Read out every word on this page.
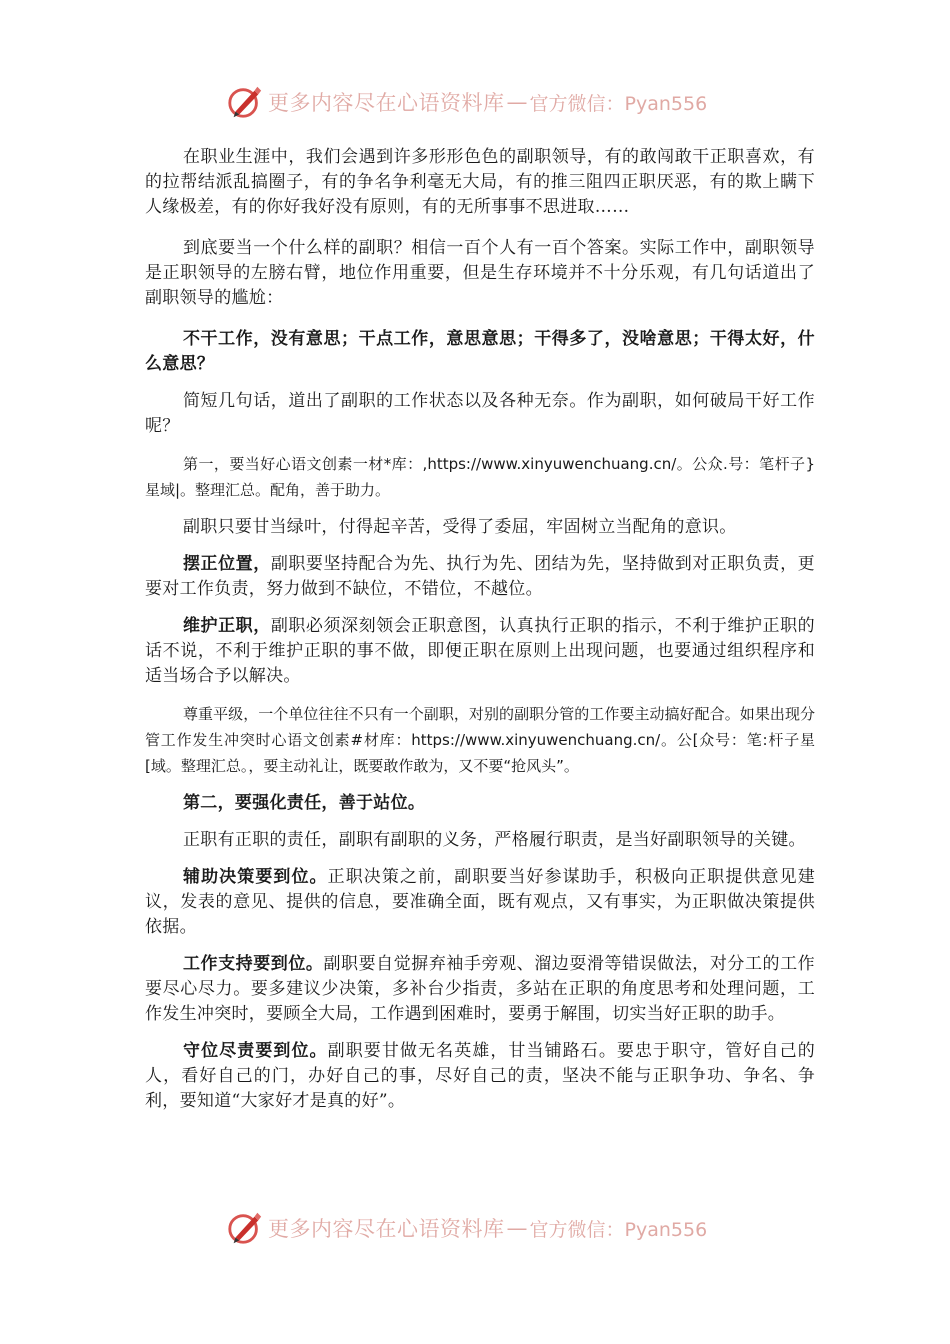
更多内容尽在心语资料库 — 官方微信：Pyan556

在职业生涯中，我们会遇到许多形形色色的副职领导，有的敢闯敢干正职喜欢，有的拉帮结派乱搞圈子，有的争名争利毫无大局，有的推三阻四正职厌恶，有的欺上瞒下人缘极差，有的你好我好没有原则，有的无所事事不思进取……

到底要当一个什么样的副职？相信一百个人有一百个答案。实际工作中，副职领导是正职领导的左膀右臂，地位作用重要，但是生存环境并不十分乐观，有几句话道出了副职领导的尴尬：

不干工作，没有意思；干点工作，意思意思；干得多了，没啥意思；干得太好，什么意思？

简短几句话，道出了副职的工作状态以及各种无奈。作为副职，如何破局干好工作呢？

第一，要当好心语文创素一材*库：,https://www.xinyuwenchuang.cn/。公众.号：笔杆子}星域|。整理汇总。配角，善于助力。

副职只要甘当绿叶，付得起辛苦，受得了委屈，牢固树立当配角的意识。

摆正位置，副职要坚持配合为先、执行为先、团结为先，坚持做到对正职负责，更要对工作负责，努力做到不缺位，不错位，不越位。

维护正职，副职必须深刻领会正职意图，认真执行正职的指示，不利于维护正职的话不说，不利于维护正职的事不做，即便正职在原则上出现问题，也要通过组织程序和适当场合予以解决。

尊重平级，一个单位往往不只有一个副职，对别的副职分管的工作要主动搞好配合。如果出现分管工作发生冲突时心语文创素#材库：https://www.xinyuwenchuang.cn/。公[众号：笔:杆子星[域。整理汇总。，要主动礼让，既要敢作敢为，又不要“抢风头”。

第二，要强化责任，善于站位。

正职有正职的责任，副职有副职的义务，严格履行职责，是当好副职领导的关键。

辅助决策要到位。正职决策之前，副职要当好参谋助手，积极向正职提供意见建议，发表的意见、提供的信息，要准确全面，既有观点，又有事实，为正职做决策提供依据。

工作支持要到位。副职要自觉摒弃袖手旁观、溜边耍滑等错误做法，对分工的工作要尽心尽力。要多建议少决策，多补台少指责，多站在正职的角度思考和处理问题，工作发生冲突时，要顾全大局，工作遇到困难时，要勇于解围，切实当好正职的助手。

守位尽责要到位。副职要甘做无名英雄，甘当铺路石。要忠于职守，管好自己的人，看好自己的门，办好自己的事，尽好自己的责，坚决不能与正职争功、争名、争利，要知道“大家好才是真的好”。

更多内容尽在心语资料库 — 官方微信：Pyan556
